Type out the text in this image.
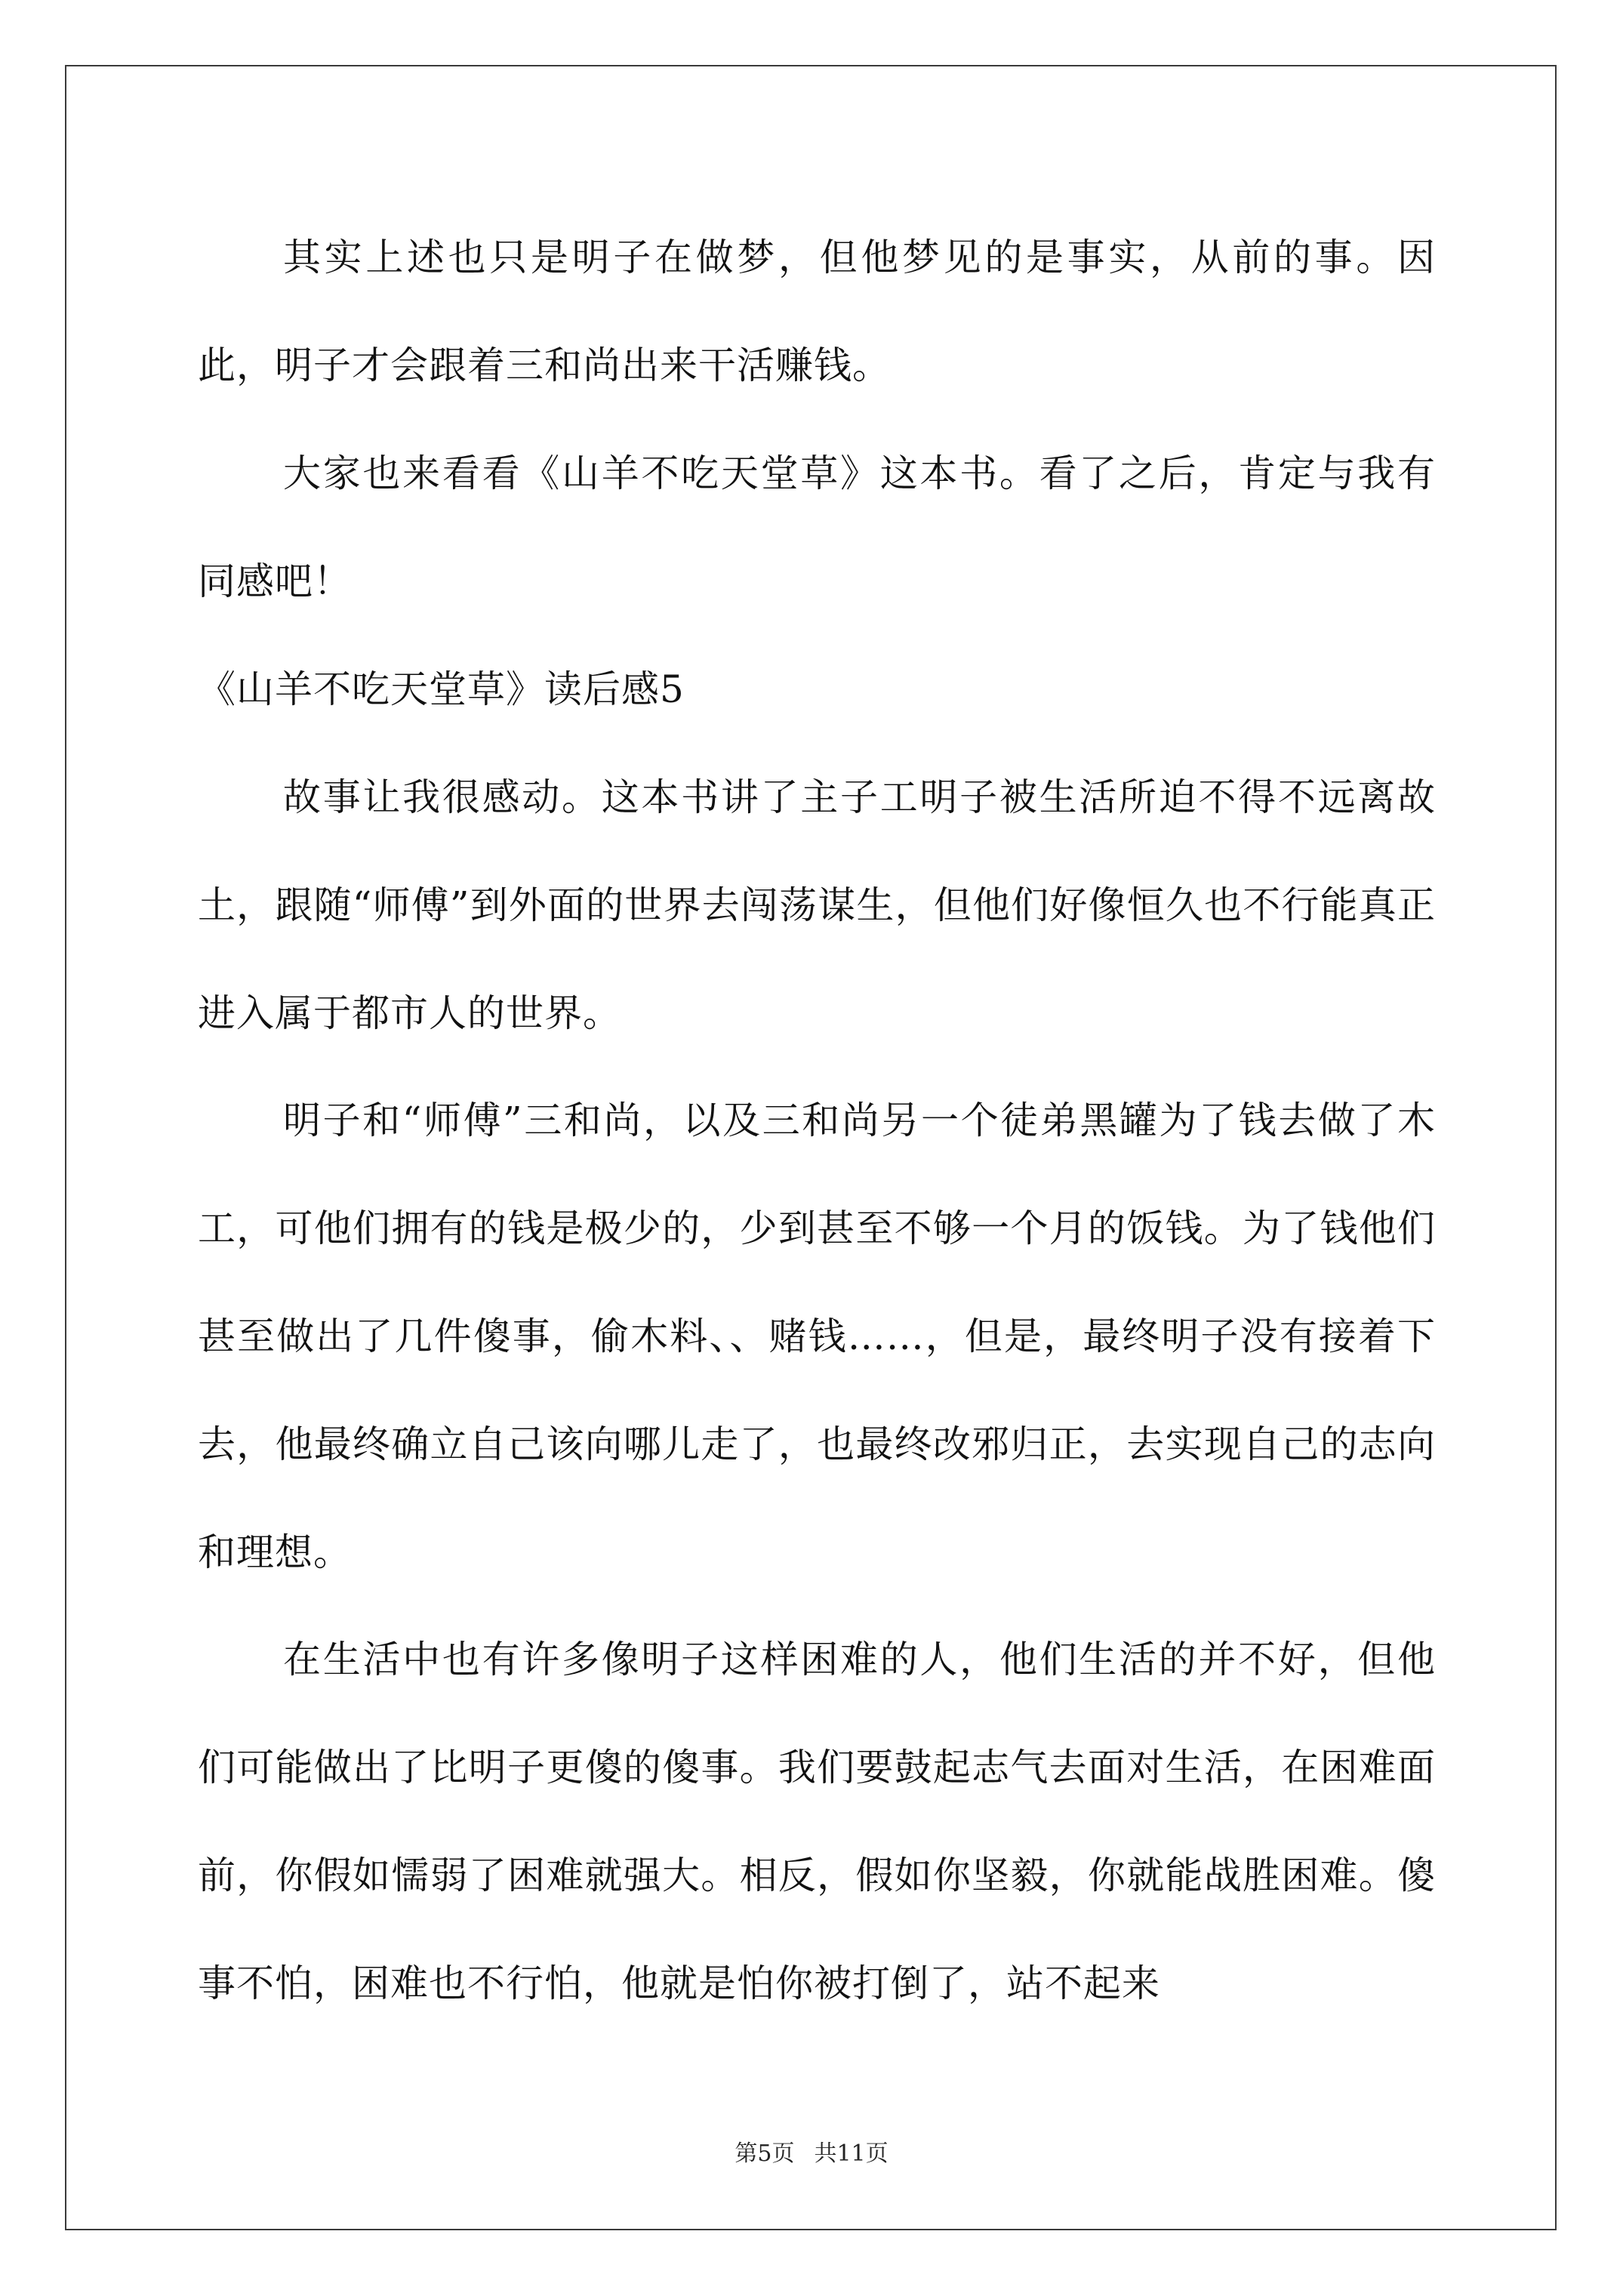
其实上述也只是明子在做梦，但他梦见的是事实，从前的事。因此，明子才会跟着三和尚出来干活赚钱。

大家也来看看《山羊不吃天堂草》这本书。看了之后，肯定与我有同感吧！

《山羊不吃天堂草》读后感5

故事让我很感动。这本书讲了主子工明子被生活所迫不得不远离故土，跟随“师傅”到外面的世界去闯荡谋生，但他们好像恒久也不行能真正进入属于都市人的世界。

明子和“师傅”三和尚，以及三和尚另一个徒弟黑罐为了钱去做了木工，可他们拥有的钱是极少的，少到甚至不够一个月的饭钱。为了钱他们甚至做出了几件傻事，偷木料、、赌钱……，但是，最终明子没有接着下去，他最终确立自己该向哪儿走了，也最终改邪归正，去实现自己的志向和理想。

在生活中也有许多像明子这样困难的人，他们生活的并不好，但他们可能做出了比明子更傻的傻事。我们要鼓起志气去面对生活，在困难面前，你假如懦弱了困难就强大。相反，假如你坚毅，你就能战胜困难。傻事不怕，困难也不行怕，他就是怕你被打倒了，站不起来

第5页 共11页
